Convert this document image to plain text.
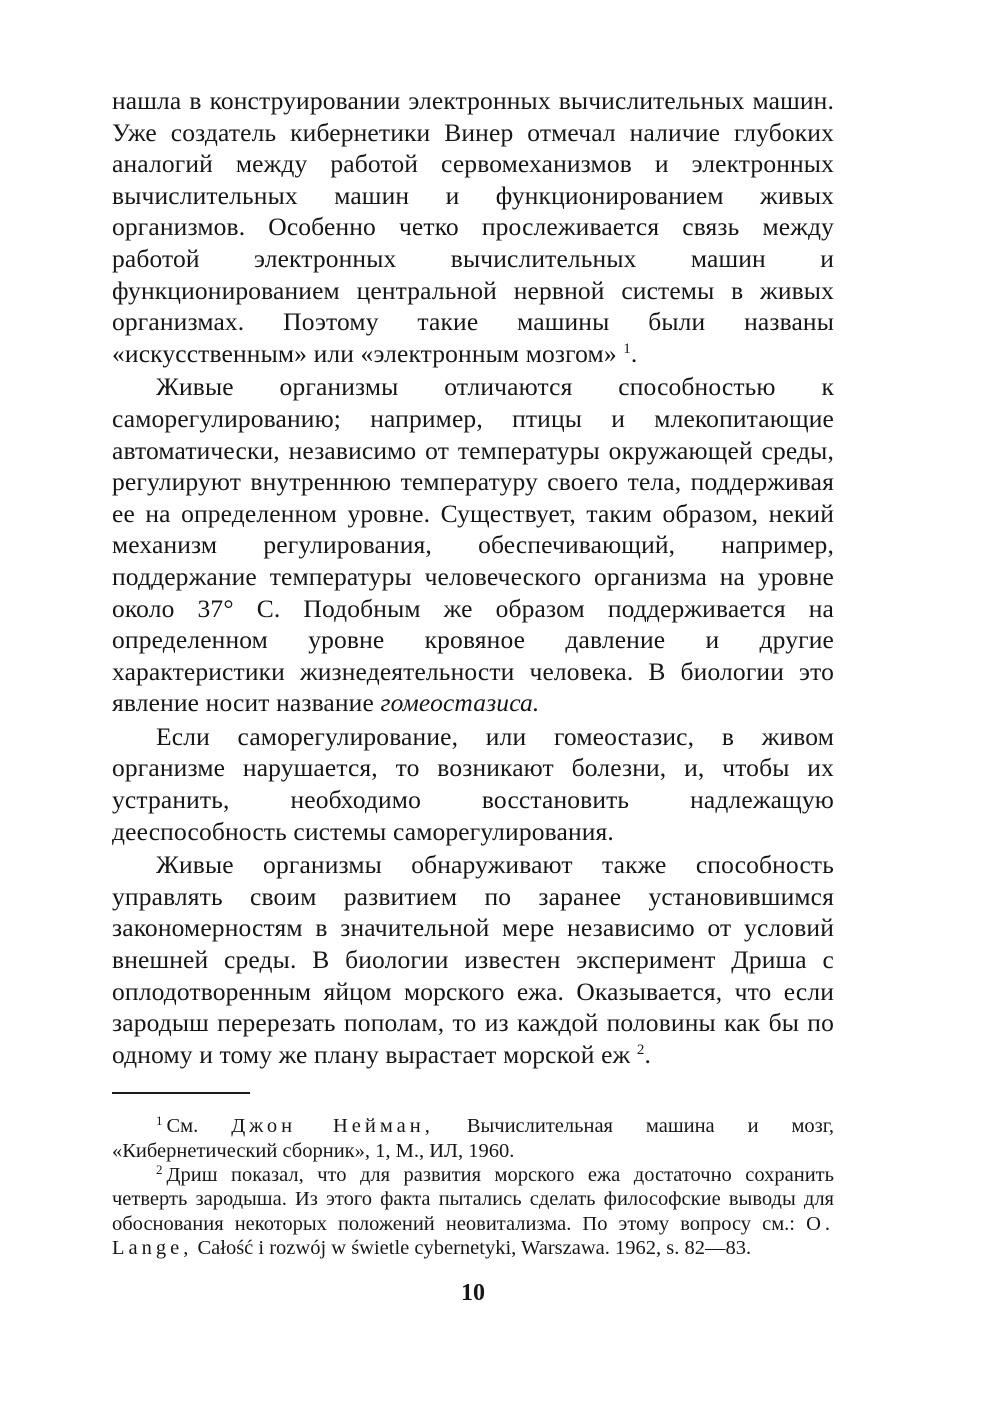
нашла в конструировании электронных вычислительных машин. Уже создатель кибернетики Винер отмечал наличие глубоких аналогий между работой сервомеханизмов и электронных вычислительных машин и функционированием живых организмов. Особенно четко прослеживается связь между работой электронных вычислительных машин и функционированием центральной нервной системы в живых организмах. Поэтому такие машины были названы «искусственным» или «электронным мозгом» $^1$.

Живые организмы отличаются способностью к саморегулированию; например, птицы и млекопитающие автоматически, независимо от температуры окружающей среды, регулируют внутреннюю температуру своего тела, поддерживая ее на определенном уровне. Существует, таким образом, некий механизм регулирования, обеспечивающий, например, поддержание температуры человеческого организма на уровне около 37° С. Подобным же образом поддерживается на определенном уровне кровяное давление и другие характеристики жизнедеятельности человека. В биологии это явление носит название гомеостазиса.

Если саморегулирование, или гомеостазис, в живом организме нарушается, то возникают болезни, и, чтобы их устранить, необходимо восстановить надлежащую дееспособность системы саморегулирования.

Живые организмы обнаруживают также способность управлять своим развитием по заранее установившимся закономерностям в значительной мере независимо от условий внешней среды. В биологии известен эксперимент Дриша с оплодотворенным яйцом морского ежа. Оказывается, что если зародыш перерезать пополам, то из каждой половины как бы по одному и тому же плану вырастает морской еж $^2$.

$^1$ См. Джон Нейман, Вычислительная машина и мозг, «Кибернетический сборник», 1, М., ИЛ, 1960.

$^2$ Дриш показал, что для развития морского ежа достаточно сохранить четверть зародыша. Из этого факта пытались сделать философские выводы для обоснования некоторых положений неовитализма. По этому вопросу см.: O. Lange, Całość i rozwój w świetle cybernetyki, Warszawa. 1962, s. 82—83.

10
